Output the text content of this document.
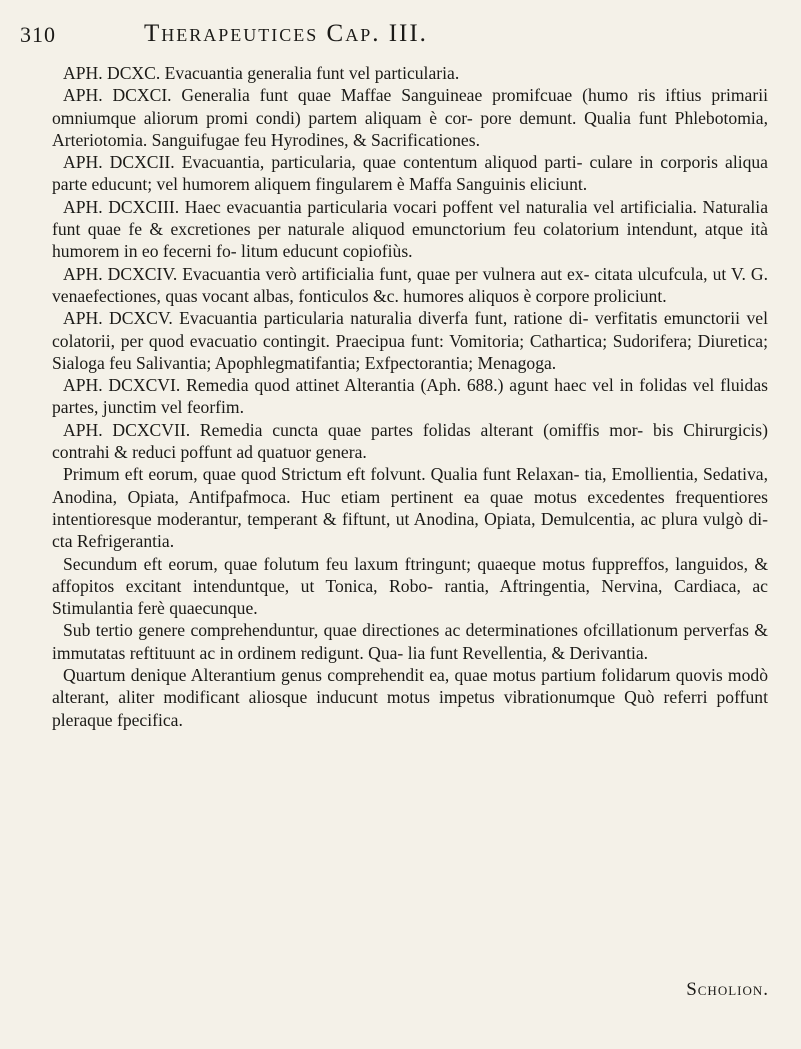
310	Therapeutices Cap. III.

APH. DCXC. Evacuantia generalia funt vel particularia.

APH. DCXCI. Generalia funt quae Maffae Sanguineae promifcuae (humo ris iftius primarii omniumque aliorum promi condi) partem aliquam è cor- pore demunt. Qualia funt Phlebotomia, Arteriotomia. Sanguifugae feu Hyrodines, & Sacrificationes.

APH. DCXCII. Evacuantia, particularia, quae contentum aliquod parti- culare in corporis aliqua parte educunt; vel humorem aliquem fingularem è Maffa Sanguinis eliciunt.

APH. DCXCIII. Haec evacuantia particularia vocari poffent vel naturalia vel artificialia. Naturalia funt quae fe & excretiones per naturale aliquod emunctorium feu colatorium intendunt, atque ità humorem in eo fecerni fo- litum educunt copiofiùs.

APH. DCXCIV. Evacuantia verò artificialia funt, quae per vulnera aut ex- citata ulcufcula, ut V. G. venaefectiones, quas vocant albas, fonticulos &c. humores aliquos è corpore proliciunt.

APH. DCXCV. Evacuantia particularia naturalia diverfa funt, ratione di- verfitatis emunctorii vel colatorii, per quod evacuatio contingit. Praecipua funt: Vomitoria; Cathartica; Sudorifera; Diuretica; Sialoga feu Salivantia; Apophlegmatifantia; Exfpectorantia; Menagoga.

APH. DCXCVI. Remedia quod attinet Alterantia (Aph. 688.) agunt haec vel in folidas vel fluidas partes, junctim vel feorfim.

APH. DCXCVII. Remedia cuncta quae partes folidas alterant (omiffis mor- bis Chirurgicis) contrahi & reduci poffunt ad quatuor genera.

Primum eft eorum, quae quod Strictum eft folvunt. Qualia funt Relaxan- tia, Emollientia, Sedativa, Anodina, Opiata, Antifpafmoca. Huc etiam pertinent ea quae motus excedentes frequentiores intentioresque moderantur, temperant & fiftunt, ut Anodina, Opiata, Demulcentia, ac plura vulgò di- cta Refrigerantia.

Secundum eft eorum, quae folutum feu laxum ftringunt; quaeque motus fuppreffos, languidos, & affopitos excitant intenduntque, ut Tonica, Robo- rantia, Aftringentia, Nervina, Cardiaca, ac Stimulantia ferè quaecunque.

Sub tertio genere comprehenduntur, quae directiones ac determinationes ofcillationum perverfas & immutatas reftituunt ac in ordinem redigunt. Qua- lia funt Revellentia, & Derivantia.

Quartum denique Alterantium genus comprehendit ea, quae motus partium folidarum quovis modò alterant, aliter modificant aliosque inducunt motus impetus vibrationumque Quò referri poffunt pleraque fpecifica.

Scholion.
